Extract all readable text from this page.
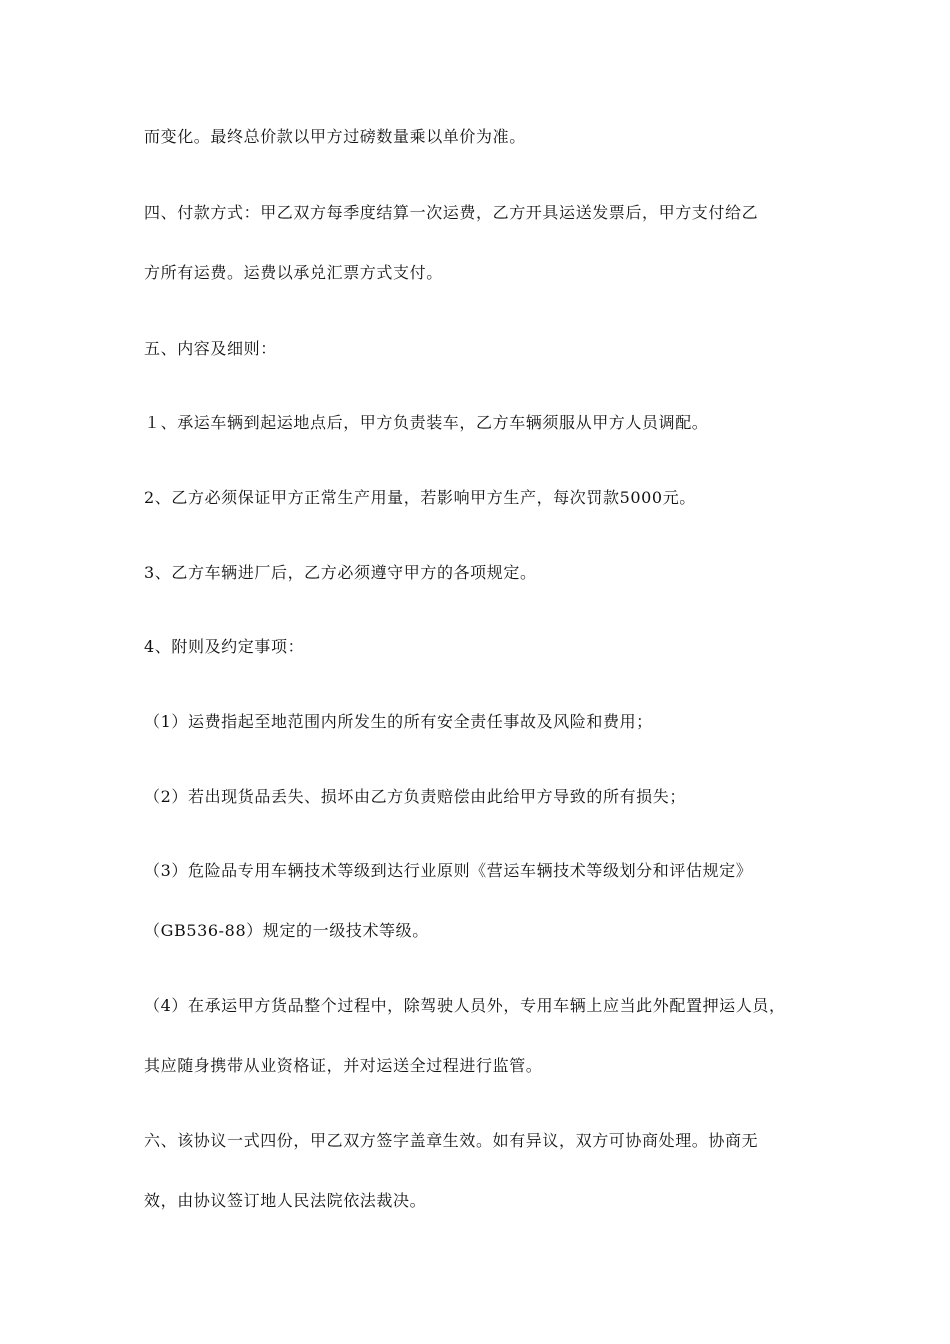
而变化。最终总价款以甲方过磅数量乘以单价为准。
四、付款方式：甲乙双方每季度结算一次运费，乙方开具运送发票后，甲方支付给乙
方所有运费。运费以承兑汇票方式支付。
五、内容及细则：
１、承运车辆到起运地点后，甲方负责装车，乙方车辆须服从甲方人员调配。
2、乙方必须保证甲方正常生产用量，若影响甲方生产，每次罚款5000元。
3、乙方车辆进厂后，乙方必须遵守甲方的各项规定。
4、附则及约定事项：
（1）运费指起至地范围内所发生的所有安全责任事故及风险和费用；
（2）若出现货品丢失、损坏由乙方负责赔偿由此给甲方导致的所有损失；
（3）危险品专用车辆技术等级到达行业原则《营运车辆技术等级划分和评估规定》
（GB536-88）规定的一级技术等级。
（4）在承运甲方货品整个过程中，除驾驶人员外，专用车辆上应当此外配置押运人员，
其应随身携带从业资格证，并对运送全过程进行监管。
六、该协议一式四份，甲乙双方签字盖章生效。如有异议，双方可协商处理。协商无
效，由协议签订地人民法院依法裁决。
